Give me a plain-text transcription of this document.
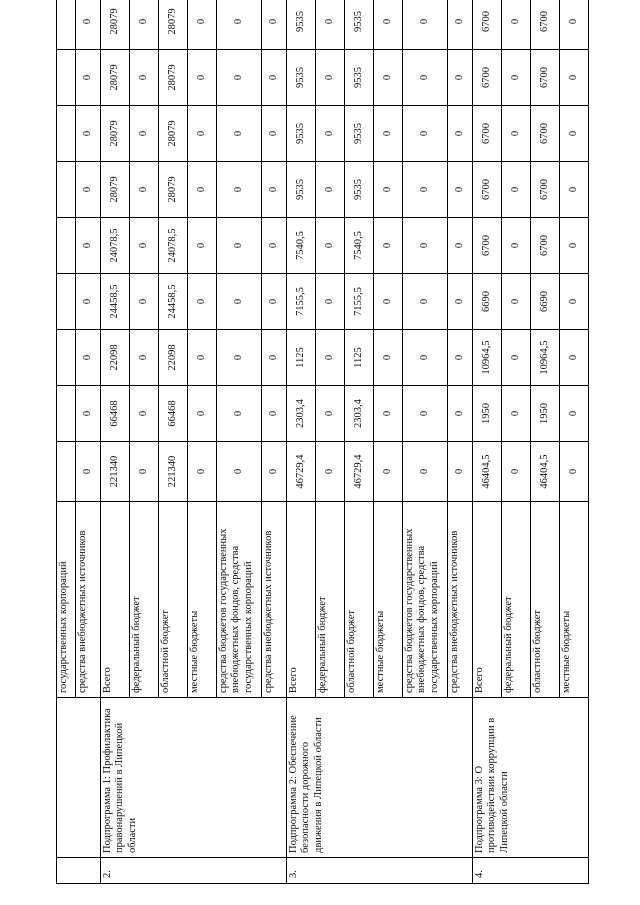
		государственных корпораций									
		средства внебюджетных источников	0	0	0	0	0	0	0	0	0
2.	Подпрограмма 1: Профилактика правонарушений в Липецкой области	Всего	221340	66468	22098	24458,5	24078,5	28079	28079	28079	28079
		федеральный бюджет	0	0	0	0	0	0	0	0	0
		областной бюджет	221340	66468	22098	24458,5	24078,5	28079	28079	28079	28079
		местные бюджеты	0	0	0	0	0	0	0	0	0
		средства бюджетов государственных внебюджетных фондов, средства государственных корпораций	0	0	0	0	0	0	0	0	0
		средства внебюджетных источников	0	0	0	0	0	0	0	0	0
3.	Подпрограмма 2: Обеспечение безопасности дорожного движения в Липецкой области	Всего	46729,4	2303,4	1125	7155,5	7540,5	9535	9535	9535	9535
		федеральный бюджет	0	0	0	0	0	0	0	0	0
		областной бюджет	46729,4	2303,4	1125	7155,5	7540,5	9535	9535	9535	9535
		местные бюджеты	0	0	0	0	0	0	0	0	0
		средства бюджетов государственных внебюджетных фондов, средства государственных корпораций	0	0	0	0	0	0	0	0	0
		средства внебюджетных источников	0	0	0	0	0	0	0	0	0
4.	Подпрограмма 3: О противодействии коррупции в Липецкой области	Всего	46404,5	1950	10964,5	6690	6700	6700	6700	6700	6700
		федеральный бюджет	0	0	0	0	0	0	0	0	0
		областной бюджет	46404,5	1950	10964,5	6690	6700	6700	6700	6700	6700
		местные бюджеты	0	0	0	0	0	0	0	0	0
